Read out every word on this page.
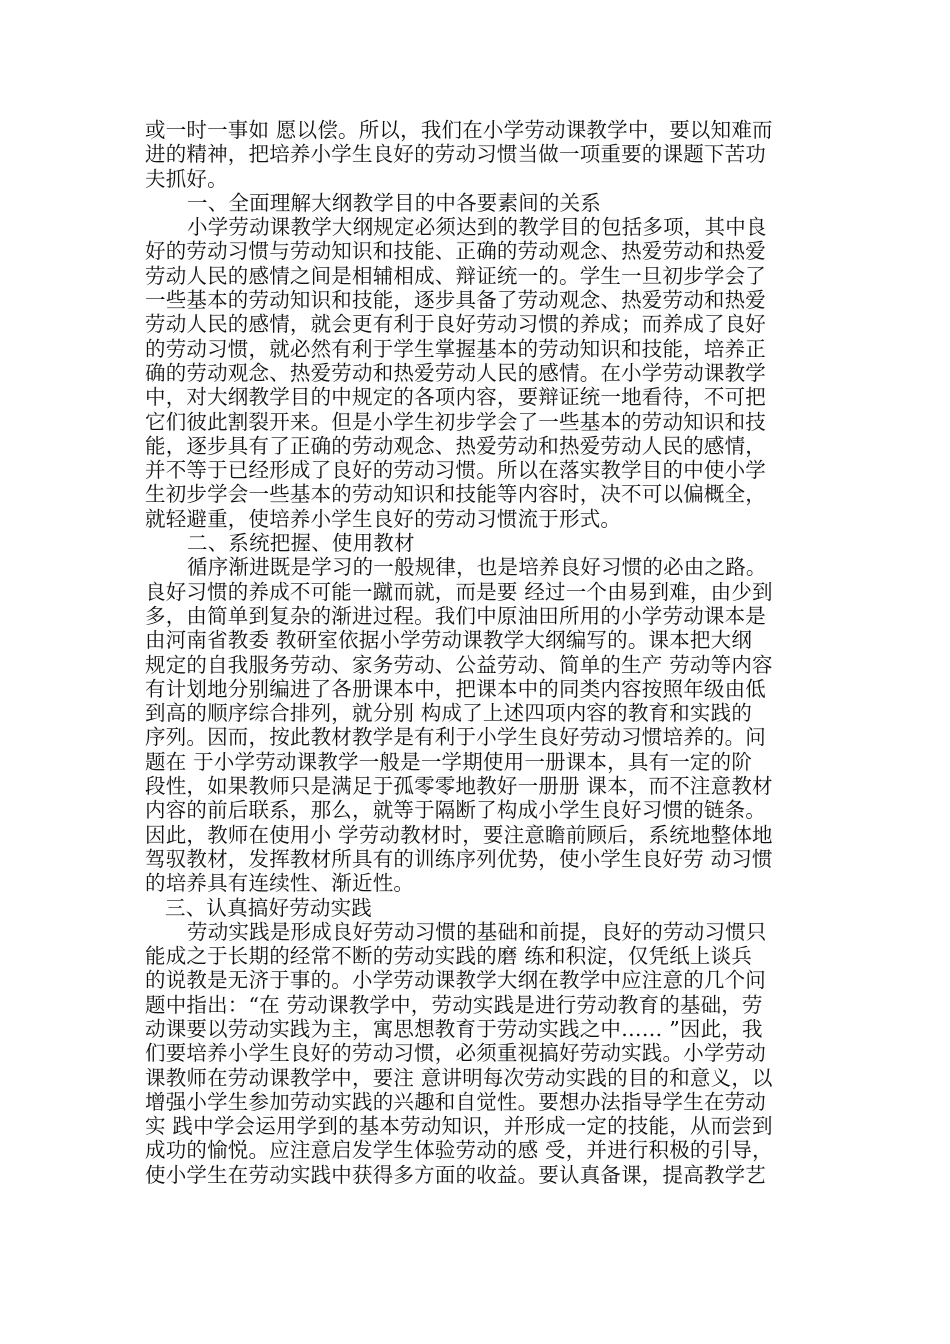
或一时一事如 愿以偿。所以，我们在小学劳动课教学中，要以知难而
进的精神，把培养小学生良好的劳动习惯当做一项重要的课题下苦功
夫抓好。
一、全面理解大纲教学目的中各要素间的关系
小学劳动课教学大纲规定必须达到的教学目的包括多项，其中良
好的劳动习惯与劳动知识和技能、正确的劳动观念、热爱劳动和热爱
劳动人民的感情之间是相辅相成、辩证统一的。学生一旦初步学会了
一些基本的劳动知识和技能，逐步具备了劳动观念、热爱劳动和热爱
劳动人民的感情，就会更有利于良好劳动习惯的养成；而养成了良好
的劳动习惯，就必然有利于学生掌握基本的劳动知识和技能，培养正
确的劳动观念、热爱劳动和热爱劳动人民的感情。在小学劳动课教学
中，对大纲教学目的中规定的各项内容，要辩证统一地看待，不可把
它们彼此割裂开来。但是小学生初步学会了一些基本的劳动知识和技
能，逐步具有了正确的劳动观念、热爱劳动和热爱劳动人民的感情，
并不等于已经形成了良好的劳动习惯。所以在落实教学目的中使小学
生初步学会一些基本的劳动知识和技能等内容时，决不可以偏概全，
就轻避重，使培养小学生良好的劳动习惯流于形式。
二、系统把握、使用教材
循序渐进既是学习的一般规律，也是培养良好习惯的必由之路。
良好习惯的养成不可能一蹴而就，而是要 经过一个由易到难，由少到
多，由简单到复杂的渐进过程。我们中原油田所用的小学劳动课本是
由河南省教委 教研室依据小学劳动课教学大纲编写的。课本把大纲
规定的自我服务劳动、家务劳动、公益劳动、简单的生产 劳动等内容
有计划地分别编进了各册课本中，把课本中的同类内容按照年级由低
到高的顺序综合排列，就分别 构成了上述四项内容的教育和实践的
序列。因而，按此教材教学是有利于小学生良好劳动习惯培养的。问
题在 于小学劳动课教学一般是一学期使用一册课本，具有一定的阶
段性，如果教师只是满足于孤零零地教好一册册 课本，而不注意教材
内容的前后联系，那么，就等于隔断了构成小学生良好习惯的链条。
因此，教师在使用小 学劳动教材时，要注意瞻前顾后，系统地整体地
驾驭教材，发挥教材所具有的训练序列优势，使小学生良好劳 动习惯
的培养具有连续性、渐近性。
三、认真搞好劳动实践
劳动实践是形成良好劳动习惯的基础和前提，良好的劳动习惯只
能成之于长期的经常不断的劳动实践的磨 练和积淀，仅凭纸上谈兵
的说教是无济于事的。小学劳动课教学大纲在教学中应注意的几个问
题中指出：“在 劳动课教学中，劳动实践是进行劳动教育的基础，劳
动课要以劳动实践为主，寓思想教育于劳动实践之中…… ”因此，我
们要培养小学生良好的劳动习惯，必须重视搞好劳动实践。小学劳动
课教师在劳动课教学中，要注 意讲明每次劳动实践的目的和意义，以
增强小学生参加劳动实践的兴趣和自觉性。要想办法指导学生在劳动
实 践中学会运用学到的基本劳动知识，并形成一定的技能，从而尝到
成功的愉悦。应注意启发学生体验劳动的感 受，并进行积极的引导，
使小学生在劳动实践中获得多方面的收益。要认真备课，提高教学艺
